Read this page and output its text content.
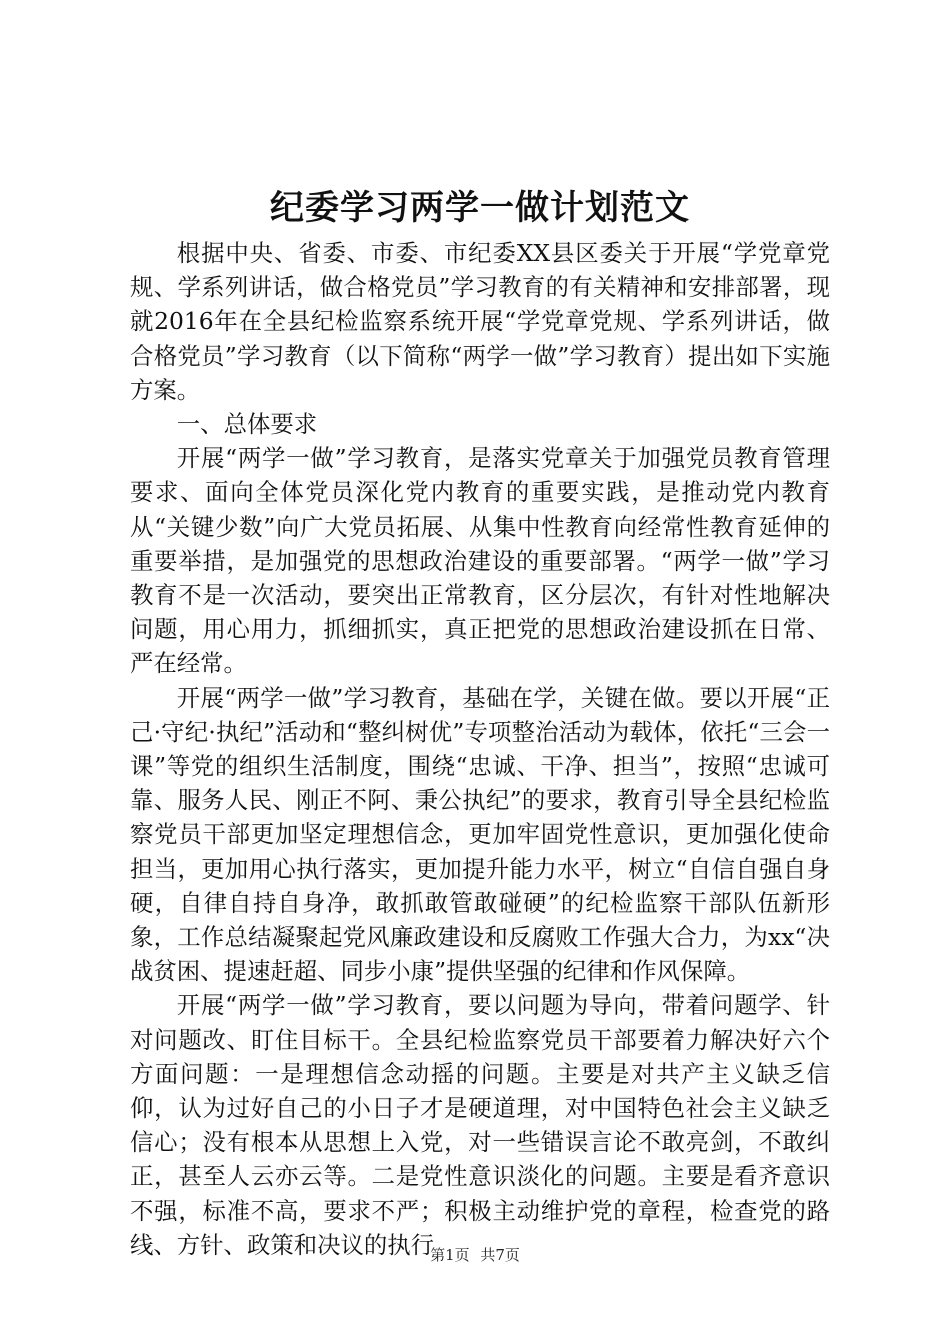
纪委学习两学一做计划范文

根据中央、省委、市委、市纪委XX县区委关于开展“学党章党规、学系列讲话，做合格党员”学习教育的有关精神和安排部署，现就2016年在全县纪检监察系统开展“学党章党规、学系列讲话，做合格党员”学习教育（以下简称“两学一做”学习教育）提出如下实施方案。

一、总体要求

开展“两学一做”学习教育，是落实党章关于加强党员教育管理要求、面向全体党员深化党内教育的重要实践，是推动党内教育从“关键少数”向广大党员拓展、从集中性教育向经常性教育延伸的重要举措，是加强党的思想政治建设的重要部署。“两学一做”学习教育不是一次活动，要突出正常教育，区分层次，有针对性地解决问题，用心用力，抓细抓实，真正把党的思想政治建设抓在日常、严在经常。

开展“两学一做”学习教育，基础在学，关键在做。要以开展“正己·守纪·执纪”活动和“整纠树优”专项整治活动为载体，依托“三会一课”等党的组织生活制度，围绕“忠诚、干净、担当”，按照“忠诚可靠、服务人民、刚正不阿、秉公执纪”的要求，教育引导全县纪检监察党员干部更加坚定理想信念，更加牢固党性意识，更加强化使命担当，更加用心执行落实，更加提升能力水平，树立“自信自强自身硬，自律自持自身净，敢抓敢管敢碰硬”的纪检监察干部队伍新形象，工作总结凝聚起党风廉政建设和反腐败工作强大合力，为xx“决战贫困、提速赶超、同步小康”提供坚强的纪律和作风保障。

开展“两学一做”学习教育，要以问题为导向，带着问题学、针对问题改、盯住目标干。全县纪检监察党员干部要着力解决好六个方面问题：一是理想信念动摇的问题。主要是对共产主义缺乏信仰，认为过好自己的小日子才是硬道理，对中国特色社会主义缺乏信心；没有根本从思想上入党，对一些错误言论不敢亮剑，不敢纠正，甚至人云亦云等。二是党性意识淡化的问题。主要是看齐意识不强，标准不高，要求不严；积极主动维护党的章程，检查党的路线、方针、政策和决议的执行

第1页 共7页
